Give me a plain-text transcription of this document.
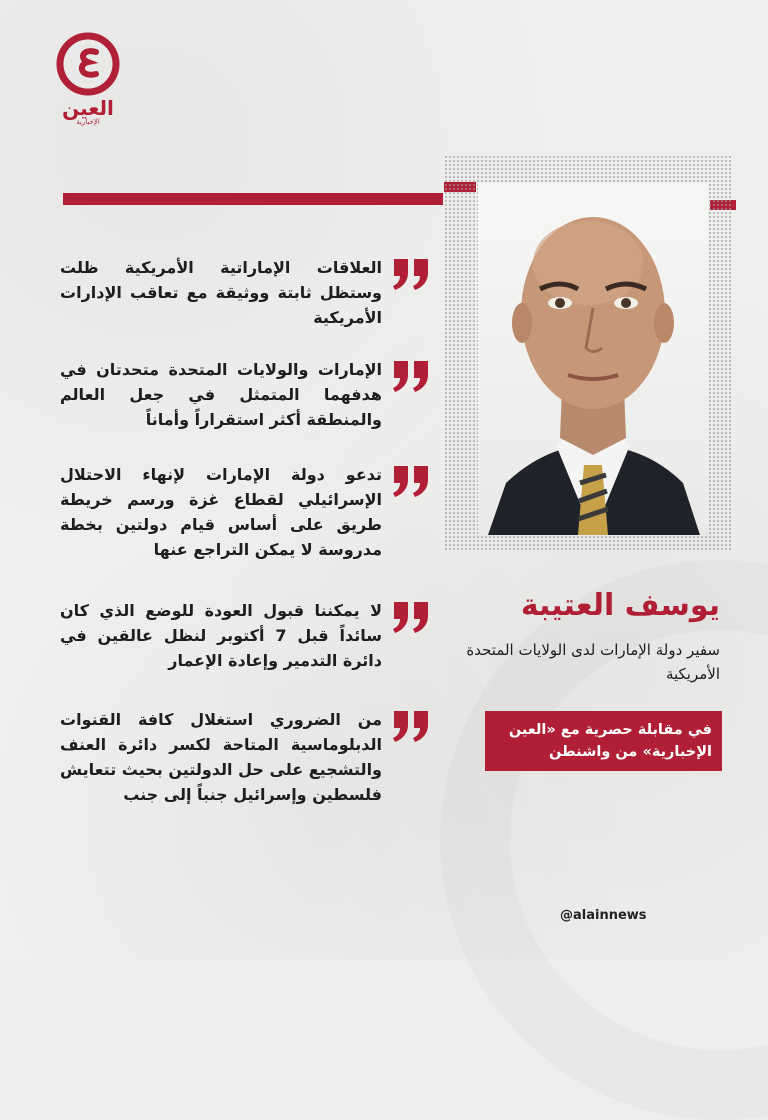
العين
الإخبارية
يوسف العتيبة
سفير دولة الإمارات لدى الولايات المتحدة الأمريكية
في مقابلة حصرية مع «العين الإخبارية» من واشنطن
العلاقات الإماراتية الأمريكية ظلت وستظل ثابتة ووثيقة مع تعاقب الإدارات الأمريكية
الإمارات والولايات المتحدة متحدتان في هدفهما المتمثل في جعل العالم والمنطقة أكثر استقراراً وأماناً
تدعو دولة الإمارات لإنهاء الاحتلال الإسرائيلي لقطاع غزة ورسم خريطة طريق على أساس قيام دولتين بخطة مدروسة لا يمكن التراجع عنها
لا يمكننا قبول العودة للوضع الذي كان سائداً قبل 7 أكتوبر لنظل عالقين في دائرة التدمير وإعادة الإعمار
من الضروري استغلال كافة القنوات الدبلوماسية المتاحة لكسر دائرة العنف والتشجيع على حل الدولتين بحيث تتعايش فلسطين وإسرائيل جنباً إلى جنب
@alainnews
